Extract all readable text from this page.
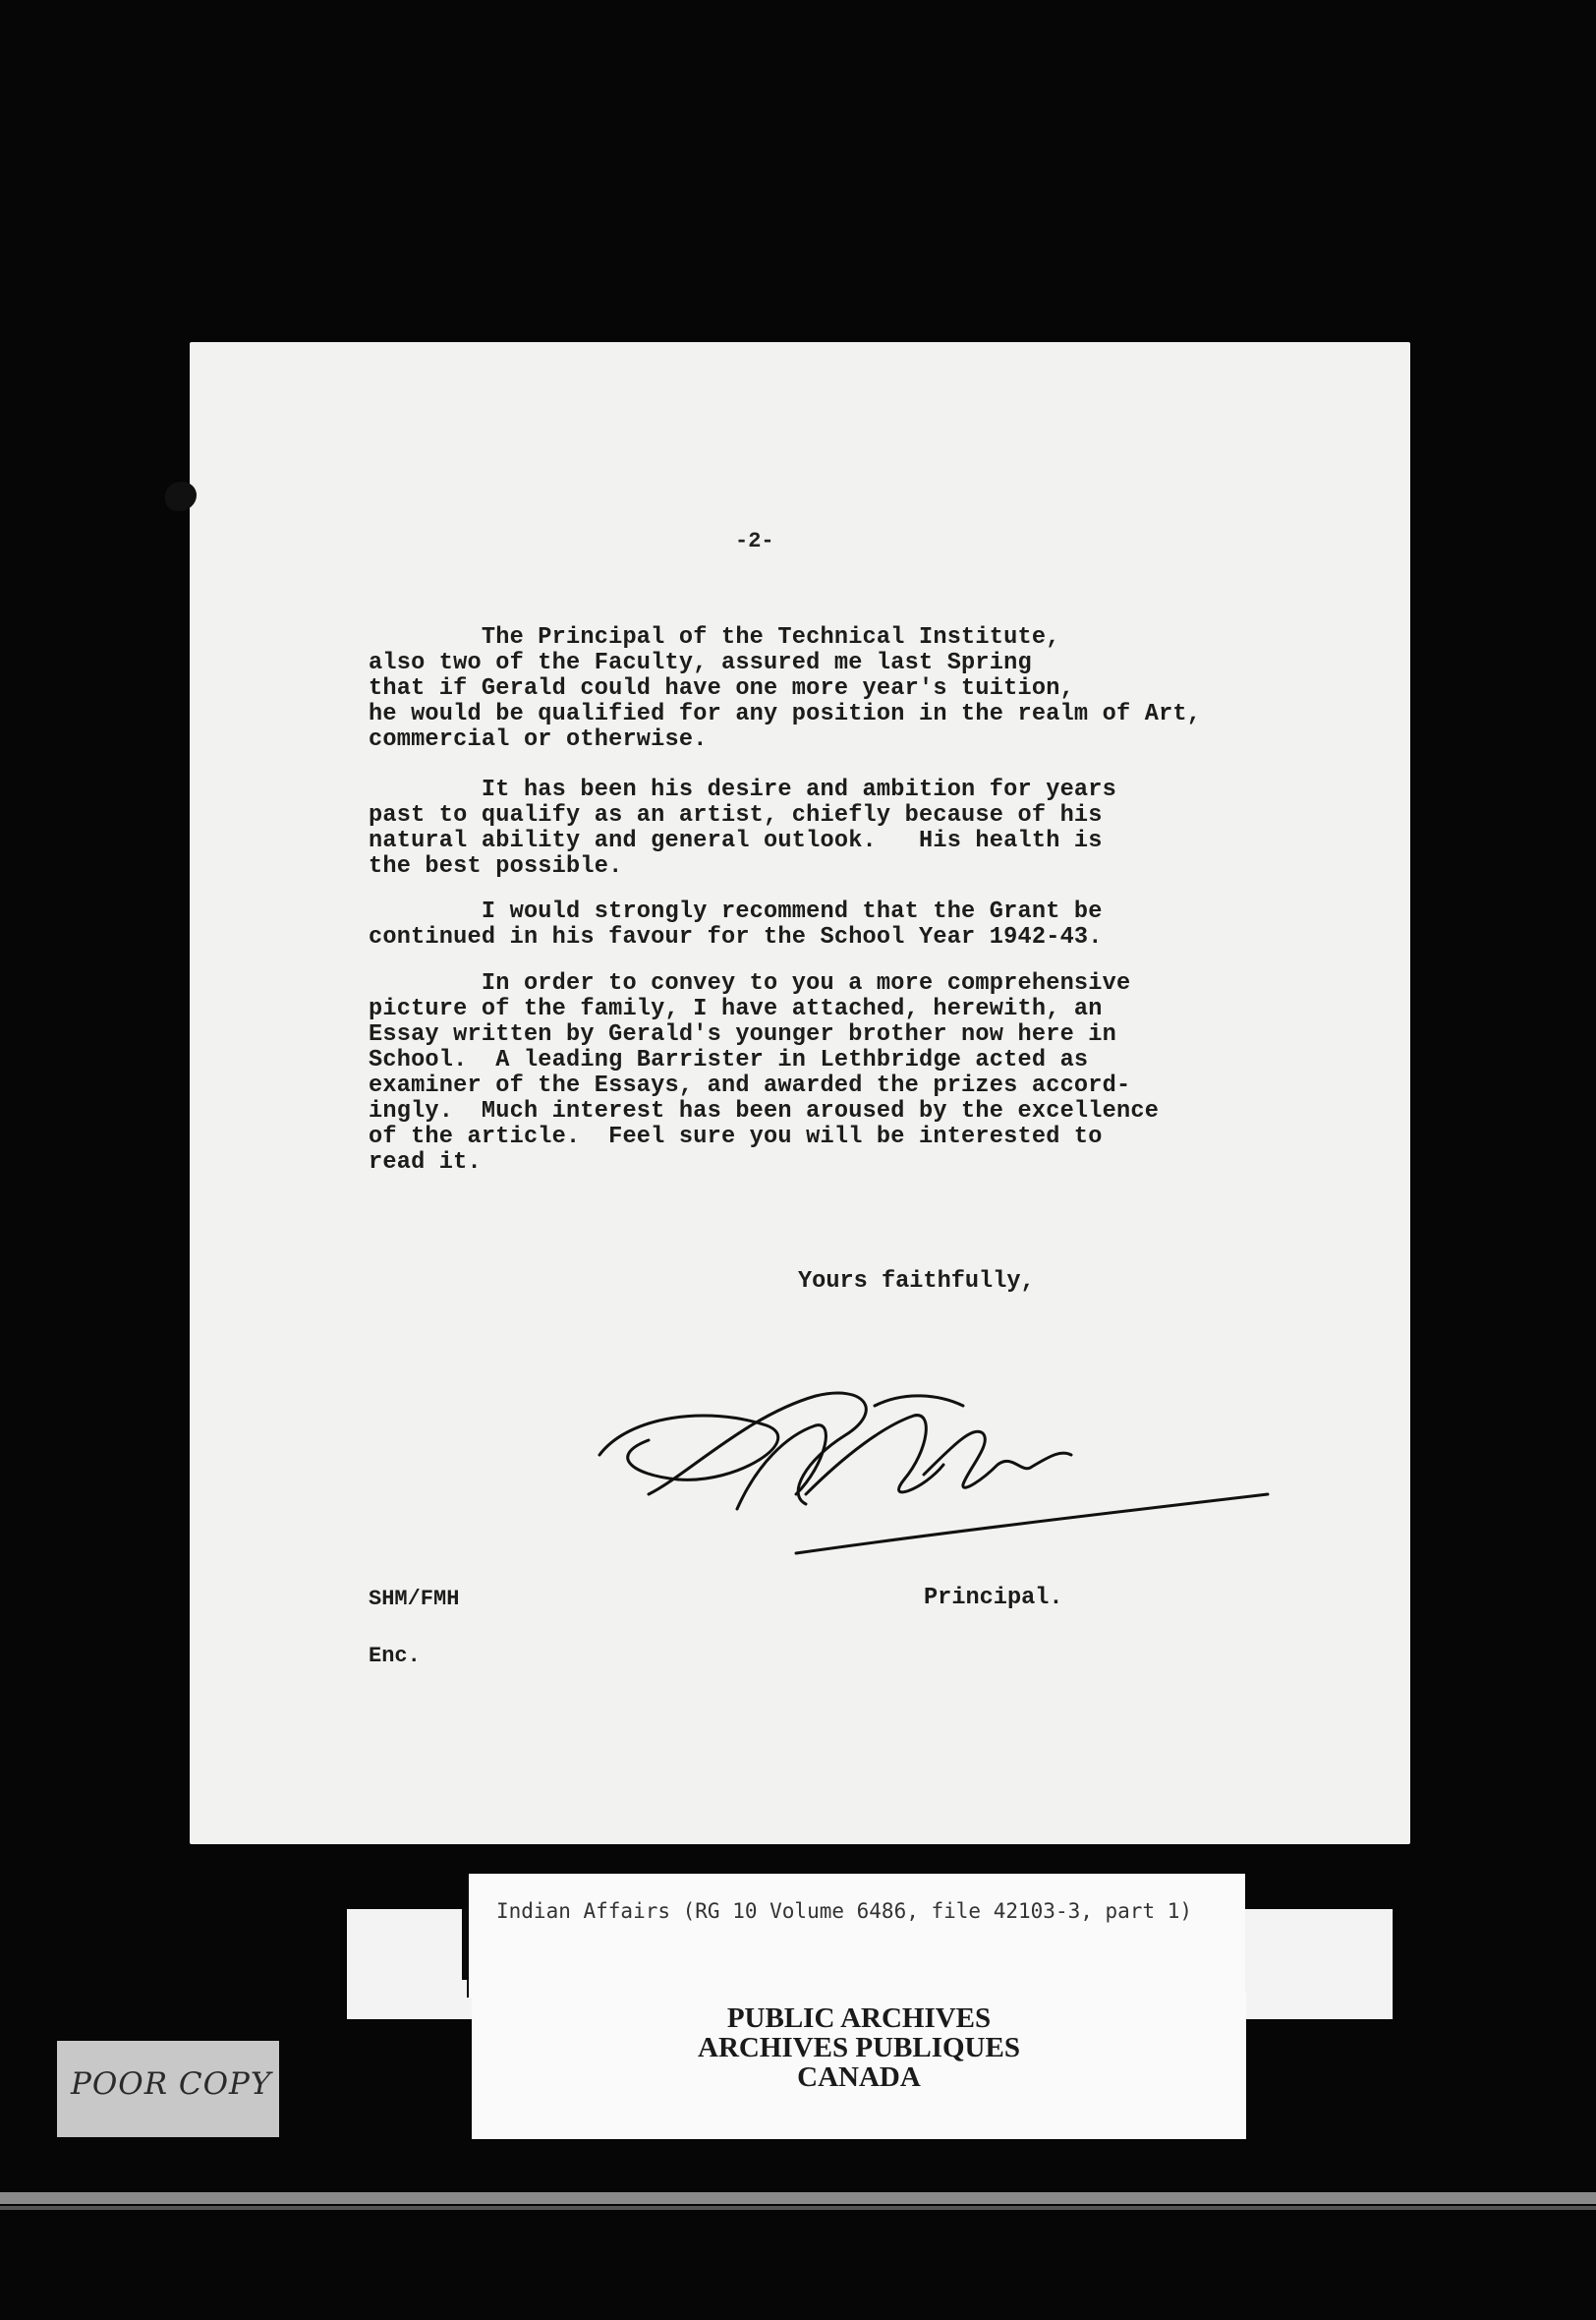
-2-

The Principal of the Technical Institute,
also two of the Faculty, assured me last Spring
that if Gerald could have one more year's tuition,
he would be qualified for any position in the realm of Art,
commercial or otherwise.

It has been his desire and ambition for years
past to qualify as an artist, chiefly because of his
natural ability and general outlook.   His health is
the best possible.

I would strongly recommend that the Grant be
continued in his favour for the School Year 1942-43.

In order to convey to you a more comprehensive
picture of the family, I have attached, herewith, an
Essay written by Gerald's younger brother now here in
School.  A leading Barrister in Lethbridge acted as
examiner of the Essays, and awarded the prizes accord-
ingly.  Much interest has been aroused by the excellence
of the article.  Feel sure you will be interested to
read it.

Yours faithfully,
SHM/FMH	Principal.
Enc.
Indian Affairs (RG 10 Volume 6486, file 42103-3, part 1)
PUBLIC ARCHIVES
ARCHIVES PUBLIQUES
CANADA
POOR COPY
